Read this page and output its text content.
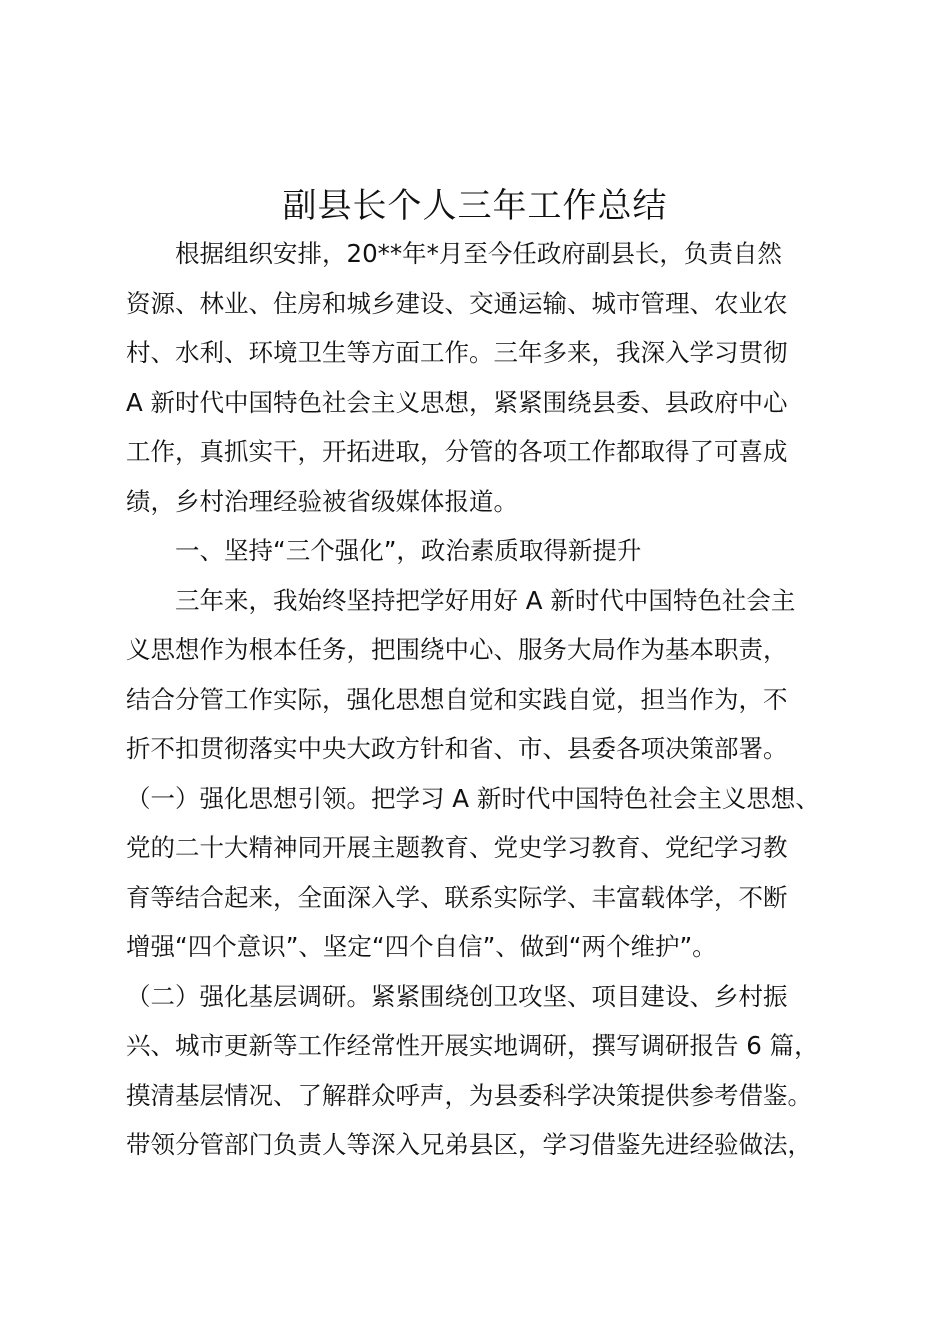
副县长个人三年工作总结

根据组织安排，20**年*月至今任政府副县长，负责自然
资源、林业、住房和城乡建设、交通运输、城市管理、农业农
村、水利、环境卫生等方面工作。三年多来，我深入学习贯彻
A 新时代中国特色社会主义思想，紧紧围绕县委、县政府中心
工作，真抓实干，开拓进取，分管的各项工作都取得了可喜成
绩，乡村治理经验被省级媒体报道。

一、坚持“三个强化”，政治素质取得新提升

三年来，我始终坚持把学好用好 A 新时代中国特色社会主
义思想作为根本任务，把围绕中心、服务大局作为基本职责，
结合分管工作实际，强化思想自觉和实践自觉，担当作为，不
折不扣贯彻落实中央大政方针和省、市、县委各项决策部署。

（一）强化思想引领。把学习 A 新时代中国特色社会主义思想、
党的二十大精神同开展主题教育、党史学习教育、党纪学习教
育等结合起来，全面深入学、联系实际学、丰富载体学，不断
增强“四个意识”、坚定“四个自信”、做到“两个维护”。

（二）强化基层调研。紧紧围绕创卫攻坚、项目建设、乡村振
兴、城市更新等工作经常性开展实地调研，撰写调研报告 6 篇，
摸清基层情况、了解群众呼声，为县委科学决策提供参考借鉴。
带领分管部门负责人等深入兄弟县区，学习借鉴先进经验做法，
